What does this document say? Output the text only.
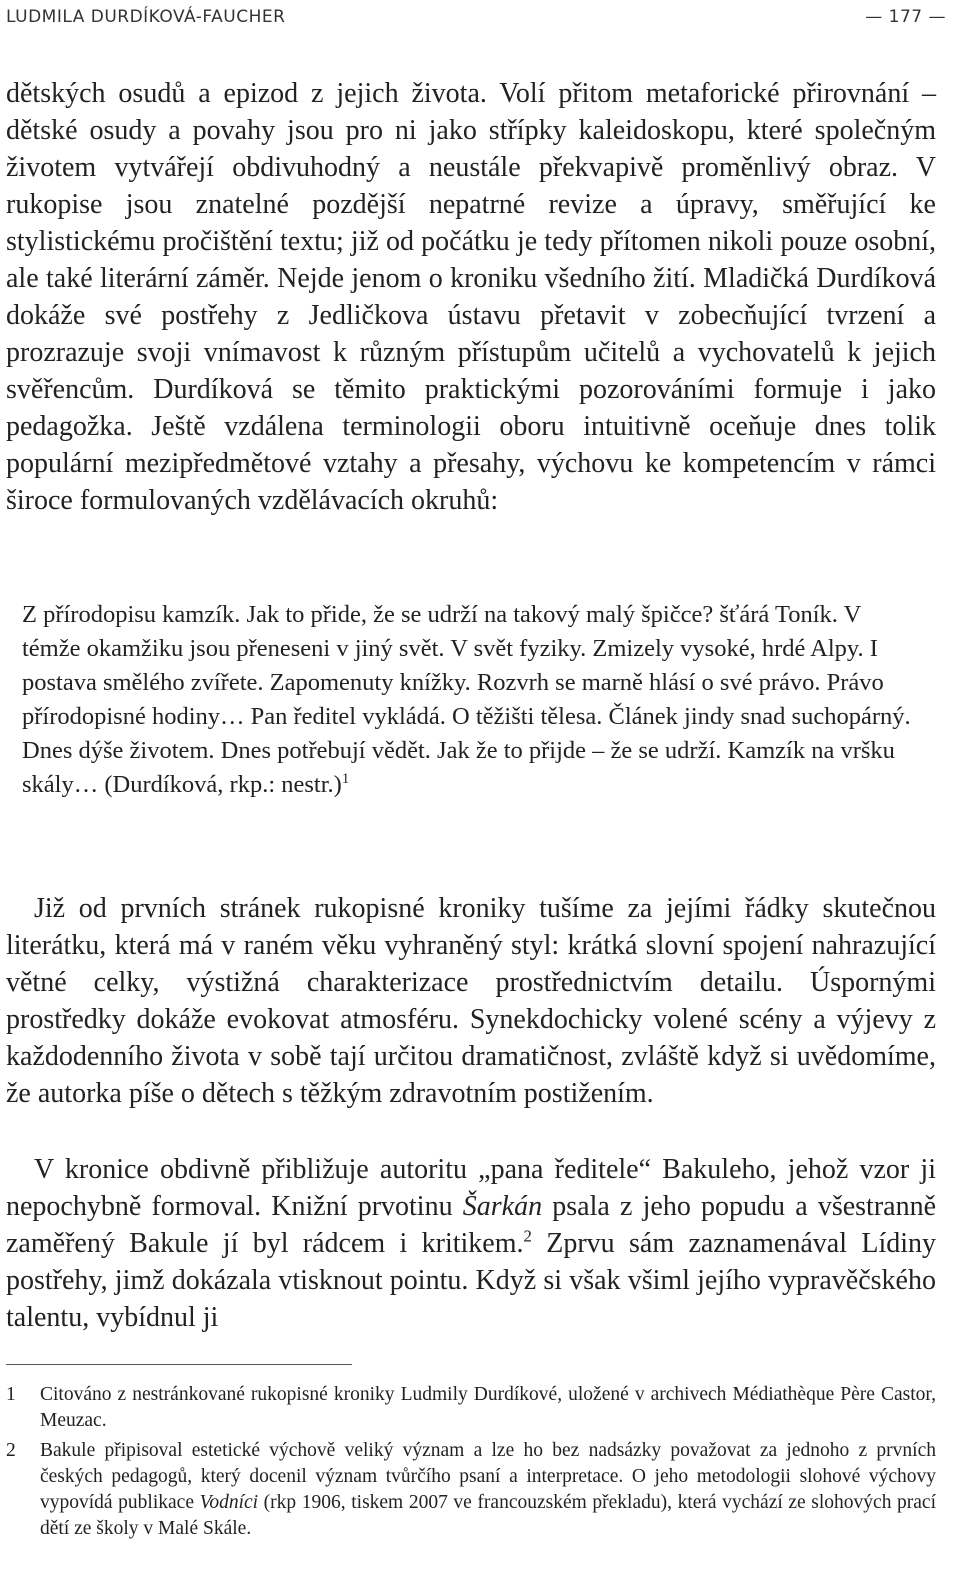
LUDMILA DURDÍKOVÁ-FAUCHER	— 177 —
dětských osudů a epizod z jejich života. Volí přitom metaforické přirovnání – dětské osudy a povahy jsou pro ni jako střípky kaleidoskopu, které společným životem vytvářejí obdivuhodný a neustále překvapivě proměnlivý obraz. V rukopise jsou znatelné pozdější nepatrné revize a úpravy, směřující ke stylistickému pročištění textu; již od počátku je tedy přítomen nikoli pouze osobní, ale také literární záměr. Nejde jenom o kroniku všedního žití. Mladičká Durdíková dokáže své postřehy z Jedličkova ústavu přetavit v zobecňující tvrzení a prozrazuje svoji vnímavost k různým přístupům učitelů a vychovatelů k jejich svěřencům. Durdíková se těmito praktickými pozorováními formuje i jako pedagožka. Ještě vzdálena terminologii oboru intuitivně oceňuje dnes tolik populární mezipředmětové vztahy a přesahy, výchovu ke kompetencím v rámci široce formulovaných vzdělávacích okruhů:
Z přírodopisu kamzík. Jak to přide, že se udrží na takový malý špičce? šťárá Toník. V témže okamžiku jsou přeneseni v jiný svět. V svět fyziky. Zmizely vysoké, hrdé Alpy. I postava smělého zvířete. Zapomenuty knížky. Rozvrh se marně hlásí o své právo. Právo přírodopisné hodiny… Pan ředitel vykládá. O těžišti tělesa. Článek jindy snad suchopárný. Dnes dýše životem. Dnes potřebují vědět. Jak že to přijde – že se udrží. Kamzík na vršku skály… (Durdíková, rkp.: nestr.)$^1$
Již od prvních stránek rukopisné kroniky tušíme za jejími řádky skutečnou literátku, která má v raném věku vyhraněný styl: krátká slovní spojení nahrazující větné celky, výstižná charakterizace prostřednictvím detailu. Úspornými prostředky dokáže evokovat atmosféru. Synekdochicky volené scény a výjevy z každodenního života v sobě tají určitou dramatičnost, zvláště když si uvědomíme, že autorka píše o dětech s těžkým zdravotním postižením.
V kronice obdivně přibližuje autoritu „pana ředitele“ Bakuleho, jehož vzor ji nepochybně formoval. Knižní prvotinu Šarkán psala z jeho popudu a všestranně zaměřený Bakule jí byl rádcem i kritikem.$^2$ Zprvu sám zaznamenával Lídiny postřehy, jimž dokázala vtisknout pointu. Když si však všiml jejího vypravěčského talentu, vybídnul ji
1	Citováno z nestránkované rukopisné kroniky Ludmily Durdíkové, uložené v archivech Médiathèque Père Castor, Meuzac.
2	Bakule připisoval estetické výchově veliký význam a lze ho bez nadsázky považovat za jednoho z prvních českých pedagogů, který docenil význam tvůrčího psaní a interpretace. O jeho metodologii slohové výchovy vypovídá publikace Vodníci (rkp 1906, tiskem 2007 ve francouzském překladu), která vychází ze slohových prací dětí ze školy v Malé Skále.
